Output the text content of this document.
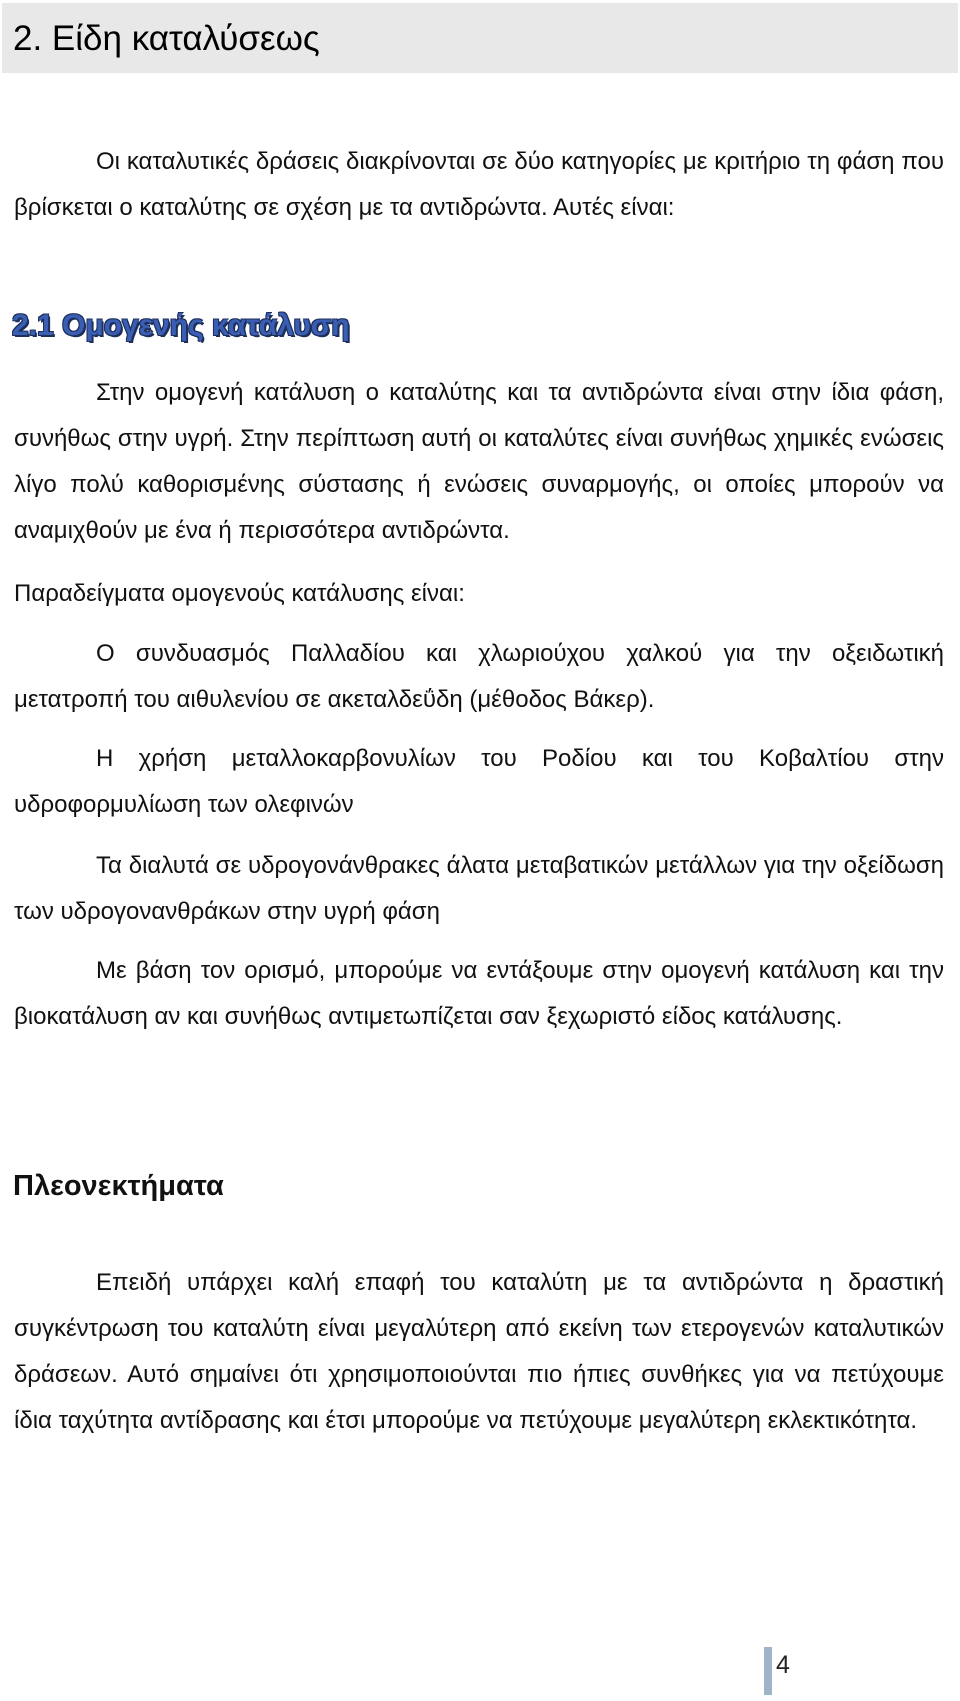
2. Είδη καταλύσεως

Οι καταλυτικές δράσεις διακρίνονται σε δύο κατηγορίες με κριτήριο τη φάση που βρίσκεται ο καταλύτης σε σχέση με τα αντιδρώντα. Αυτές είναι:

2.1 Ομογενής κατάλυση

Στην ομογενή κατάλυση ο καταλύτης και τα αντιδρώντα είναι στην ίδια φάση, συνήθως στην υγρή. Στην περίπτωση αυτή οι καταλύτες είναι συνήθως χημικές ενώσεις λίγο πολύ καθορισμένης σύστασης ή ενώσεις συναρμογής, οι οποίες μπορούν να αναμιχθούν με ένα ή περισσότερα αντιδρώντα.

Παραδείγματα ομογενούς κατάλυσης είναι:

Ο συνδυασμός Παλλαδίου και χλωριούχου χαλκού για την οξειδωτική μετατροπή του αιθυλενίου σε ακεταλδεΰδη (μέθοδος Βάκερ).

Η χρήση μεταλλοκαρβονυλίων του Ροδίου και του Κοβαλτίου στην υδροφορμυλίωση των ολεφινών

Τα διαλυτά σε υδρογονάνθρακες άλατα μεταβατικών μετάλλων για την οξείδωση των υδρογονανθράκων στην υγρή φάση

Με βάση τον ορισμό, μπορούμε να εντάξουμε στην ομογενή κατάλυση και την βιοκατάλυση αν και συνήθως αντιμετωπίζεται σαν ξεχωριστό είδος κατάλυσης.

Πλεονεκτήματα

Επειδή υπάρχει καλή επαφή του καταλύτη με τα αντιδρώντα η δραστική συγκέντρωση του καταλύτη είναι μεγαλύτερη από εκείνη των ετερογενών καταλυτικών δράσεων. Αυτό σημαίνει ότι χρησιμοποιούνται πιο ήπιες συνθήκες για να πετύχουμε ίδια ταχύτητα αντίδρασης και έτσι μπορούμε να πετύχουμε μεγαλύτερη εκλεκτικότητα.

4
